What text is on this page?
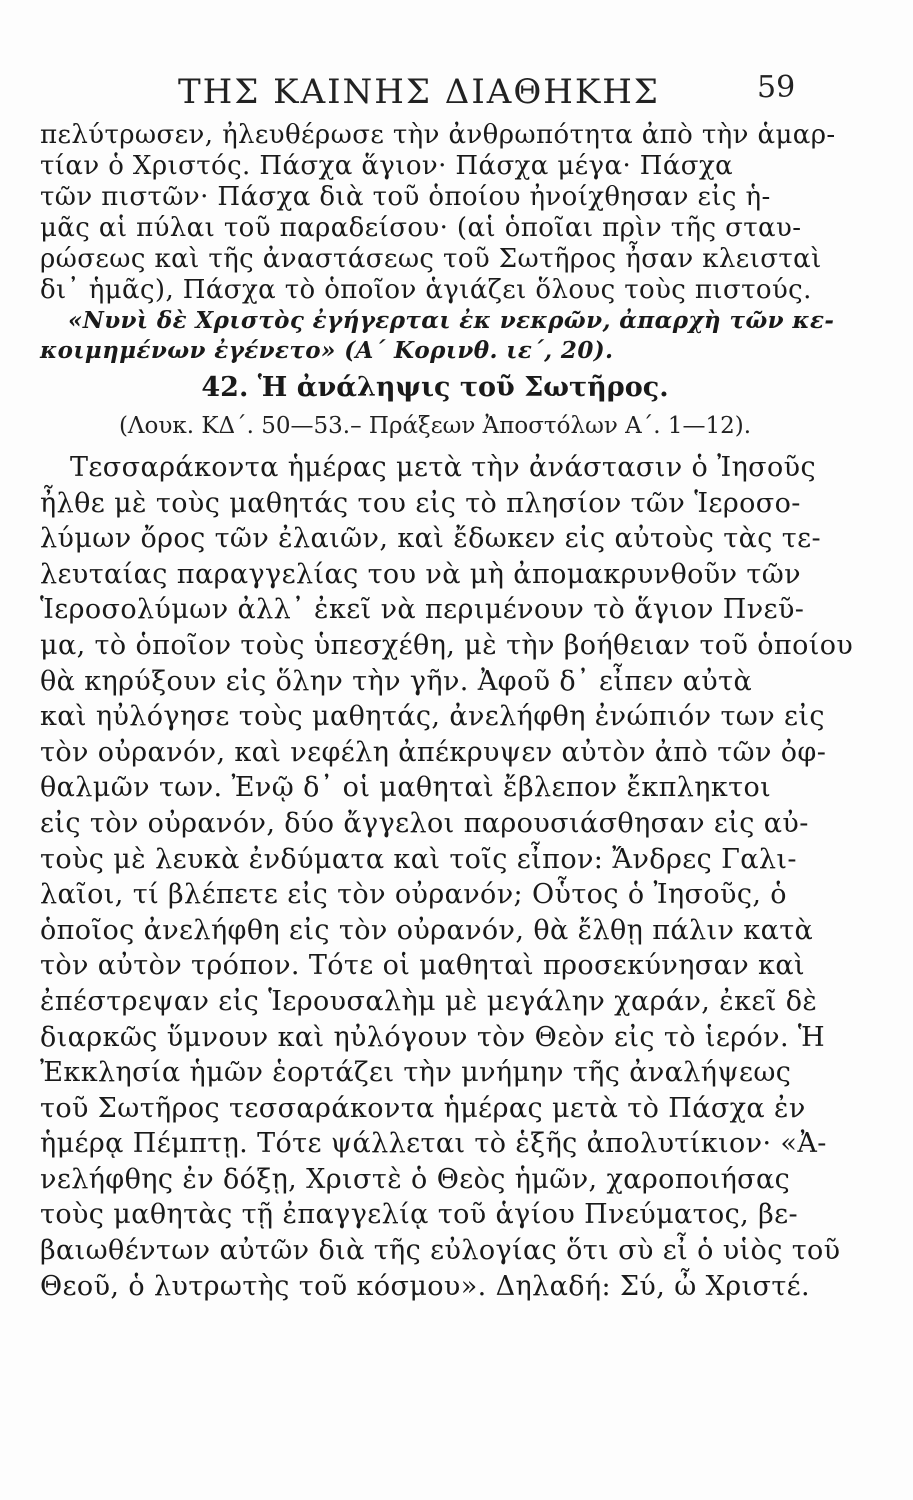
ΤΗΣ ΚΑΙΝΗΣ ΔΙΑΘΗΚΗΣ	59
πελύτρωσεν, ἠλευθέρωσε τὴν ἀνθρωπότητα ἀπὸ τὴν ἁμαρ-
τίαν ὁ Χριστός. Πάσχα ἅγιον· Πάσχα μέγα· Πάσχα
τῶν πιστῶν· Πάσχα διὰ τοῦ ὁποίου ἠνοίχθησαν εἰς ἡ-
μᾶς αἱ πύλαι τοῦ παραδείσου· (αἱ ὁποῖαι πρὶν τῆς σταυ-
ρώσεως καὶ τῆς ἀναστάσεως τοῦ Σωτῆρος ἦσαν κλεισταὶ
δι᾿ ἡμᾶς), Πάσχα τὸ ὁποῖον ἁγιάζει ὅλους τοὺς πιστούς.
«Νυνὶ δὲ Χριστὸς ἐγήγερται ἐκ νεκρῶν, ἀπαρχὴ τῶν κε-
κοιμημένων ἐγένετο» (Α΄ Κορινθ. ιε΄, 20).
42. Ἡ ἀνάληψις τοῦ Σωτῆρος.
(Λουκ. ΚΔ΄. 50—53.– Πράξεων Ἀποστόλων Α΄. 1—12).
Τεσσαράκοντα ἡμέρας μετὰ τὴν ἀνάστασιν ὁ Ἰησοῦς
ἦλθε μὲ τοὺς μαθητάς του εἰς τὸ πλησίον τῶν Ἱεροσο-
λύμων ὄρος τῶν ἐλαιῶν, καὶ ἔδωκεν εἰς αὐτοὺς τὰς τε-
λευταίας παραγγελίας του νὰ μὴ ἀπομακρυνθοῦν τῶν
Ἱεροσολύμων ἀλλ᾿ ἐκεῖ νὰ περιμένουν τὸ ἅγιον Πνεῦ-
μα, τὸ ὁποῖον τοὺς ὑπεσχέθη, μὲ τὴν βοήθειαν τοῦ ὁποίου
θὰ κηρύξουν εἰς ὅλην τὴν γῆν. Ἀφοῦ δ᾿ εἶπεν αὐτὰ
καὶ ηὐλόγησε τοὺς μαθητάς, ἀνελήφθη ἐνώπιόν των εἰς
τὸν οὐρανόν, καὶ νεφέλη ἀπέκρυψεν αὐτὸν ἀπὸ τῶν ὀφ-
θαλμῶν των. Ἐνῷ δ᾿ οἱ μαθηταὶ ἔβλεπον ἔκπληκτοι
εἰς τὸν οὐρανόν, δύο ἄγγελοι παρουσιάσθησαν εἰς αὐ-
τοὺς μὲ λευκὰ ἐνδύματα καὶ τοῖς εἶπον: Ἄνδρες Γαλι-
λαῖοι, τί βλέπετε εἰς τὸν οὐρανόν; Οὗτος ὁ Ἰησοῦς, ὁ
ὁποῖος ἀνελήφθη εἰς τὸν οὐρανόν, θὰ ἔλθῃ πάλιν κατὰ
τὸν αὐτὸν τρόπον. Τότε οἱ μαθηταὶ προσεκύνησαν καὶ
ἐπέστρεψαν εἰς Ἱερουσαλὴμ μὲ μεγάλην χαράν, ἐκεῖ δὲ
διαρκῶς ὕμνουν καὶ ηὐλόγουν τὸν Θεὸν εἰς τὸ ἱερόν. Ἡ
Ἐκκλησία ἡμῶν ἑορτάζει τὴν μνήμην τῆς ἀναλήψεως
τοῦ Σωτῆρος τεσσαράκοντα ἡμέρας μετὰ τὸ Πάσχα ἐν
ἡμέρᾳ Πέμπτῃ. Τότε ψάλλεται τὸ ἑξῆς ἀπολυτίκιον· «Ἀ-
νελήφθης ἐν δόξῃ, Χριστὲ ὁ Θεὸς ἡμῶν, χαροποιήσας
τοὺς μαθητὰς τῇ ἐπαγγελίᾳ τοῦ ἁγίου Πνεύματος, βε-
βαιωθέντων αὐτῶν διὰ τῆς εὐλογίας ὅτι σὺ εἶ ὁ υἱὸς τοῦ
Θεοῦ, ὁ λυτρωτὴς τοῦ κόσμου». Δηλαδή: Σύ, ὦ Χριστέ.
